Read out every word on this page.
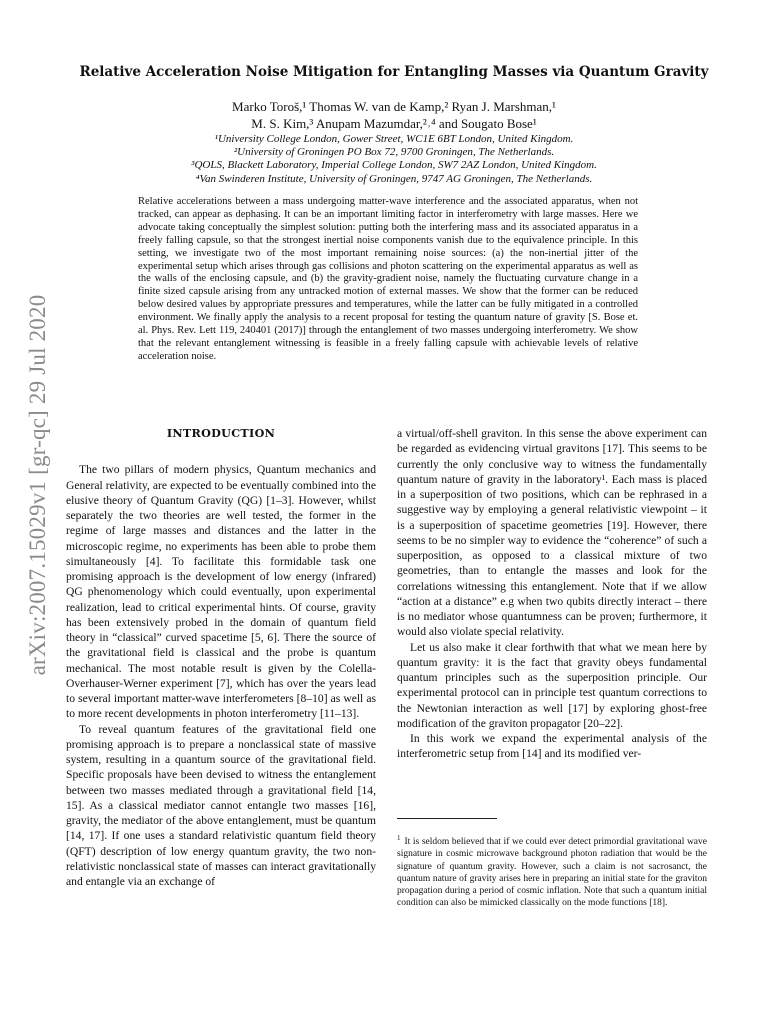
arXiv:2007.15029v1 [gr-qc] 29 Jul 2020
Relative Acceleration Noise Mitigation for Entangling Masses via Quantum Gravity
Marko Toroš,¹ Thomas W. van de Kamp,² Ryan J. Marshman,¹
M. S. Kim,³ Anupam Mazumdar,²˒⁴ and Sougato Bose¹
¹University College London, Gower Street, WC1E 6BT London, United Kingdom.
²University of Groningen PO Box 72, 9700 Groningen, The Netherlands.
³QOLS, Blackett Laboratory, Imperial College London, SW7 2AZ London, United Kingdom.
⁴Van Swinderen Institute, University of Groningen, 9747 AG Groningen, The Netherlands.

Relative accelerations between a mass undergoing matter-wave interference and the associated apparatus, when not tracked, can appear as dephasing. It can be an important limiting factor in interferometry with large masses. Here we advocate taking conceptually the simplest solution: putting both the interfering mass and its associated apparatus in a freely falling capsule, so that the strongest inertial noise components vanish due to the equivalence principle. In this setting, we investigate two of the most important remaining noise sources: (a) the non-inertial jitter of the experimental setup which arises through gas collisions and photon scattering on the experimental apparatus as well as the walls of the enclosing capsule, and (b) the gravity-gradient noise, namely the fluctuating curvature change in a finite sized capsule arising from any untracked motion of external masses. We show that the former can be reduced below desired values by appropriate pressures and temperatures, while the latter can be fully mitigated in a controlled environment. We finally apply the analysis to a recent proposal for testing the quantum nature of gravity [S. Bose et. al. Phys. Rev. Lett 119, 240401 (2017)] through the entanglement of two masses undergoing interferometry. We show that the relevant entanglement witnessing is feasible in a freely falling capsule with achievable levels of relative acceleration noise.

INTRODUCTION

The two pillars of modern physics, Quantum mechanics and General relativity, are expected to be eventually combined into the elusive theory of Quantum Gravity (QG) [1–3]. However, whilst separately the two theories are well tested, the former in the regime of large masses and distances and the latter in the microscopic regime, no experiments has been able to probe them simultaneously [4]. To facilitate this formidable task one promising approach is the development of low energy (infrared) QG phenomenology which could eventually, upon experimental realization, lead to critical experimental hints. Of course, gravity has been extensively probed in the domain of quantum field theory in “classical” curved spacetime [5, 6]. There the source of the gravitational field is classical and the probe is quantum mechanical. The most notable result is given by the Colella-Overhauser-Werner experiment [7], which has over the years lead to several important matter-wave interferometers [8–10] as well as to more recent developments in photon interferometry [11–13].

To reveal quantum features of the gravitational field one promising approach is to prepare a nonclassical state of massive system, resulting in a quantum source of the gravitational field. Specific proposals have been devised to witness the entanglement between two masses mediated through a gravitational field [14, 15]. As a classical mediator cannot entangle two masses [16], gravity, the mediator of the above entanglement, must be quantum [14, 17]. If one uses a standard relativistic quantum field theory (QFT) description of low energy quantum gravity, the two non-relativistic nonclassical state of masses can interact gravitationally and entangle via an exchange of

a virtual/off-shell graviton. In this sense the above experiment can be regarded as evidencing virtual gravitons [17]. This seems to be currently the only conclusive way to witness the fundamentally quantum nature of gravity in the laboratory¹. Each mass is placed in a superposition of two positions, which can be rephrased in a suggestive way by employing a general relativistic viewpoint – it is a superposition of spacetime geometries [19]. However, there seems to be no simpler way to evidence the “coherence” of such a superposition, as opposed to a classical mixture of two geometries, than to entangle the masses and look for the correlations witnessing this entanglement. Note that if we allow “action at a distance” e.g when two qubits directly interact – there is no mediator whose quantumness can be proven; furthermore, it would also violate special relativity.

Let us also make it clear forthwith that what we mean here by quantum gravity: it is the fact that gravity obeys fundamental quantum principles such as the superposition principle. Our experimental protocol can in principle test quantum corrections to the Newtonian interaction as well [17] by exploring ghost-free modification of the graviton propagator [20–22].

In this work we expand the experimental analysis of the interferometric setup from [14] and its modified ver-

$^1$ It is seldom believed that if we could ever detect primordial gravitational wave signature in cosmic microwave background photon radiation that would be the signature of quantum gravity. However, such a claim is not sacrosanct, the quantum nature of gravity arises here in preparing an initial state for the graviton propagation during a period of cosmic inflation. Note that such a quantum initial condition can also be mimicked classically on the mode functions [18].
